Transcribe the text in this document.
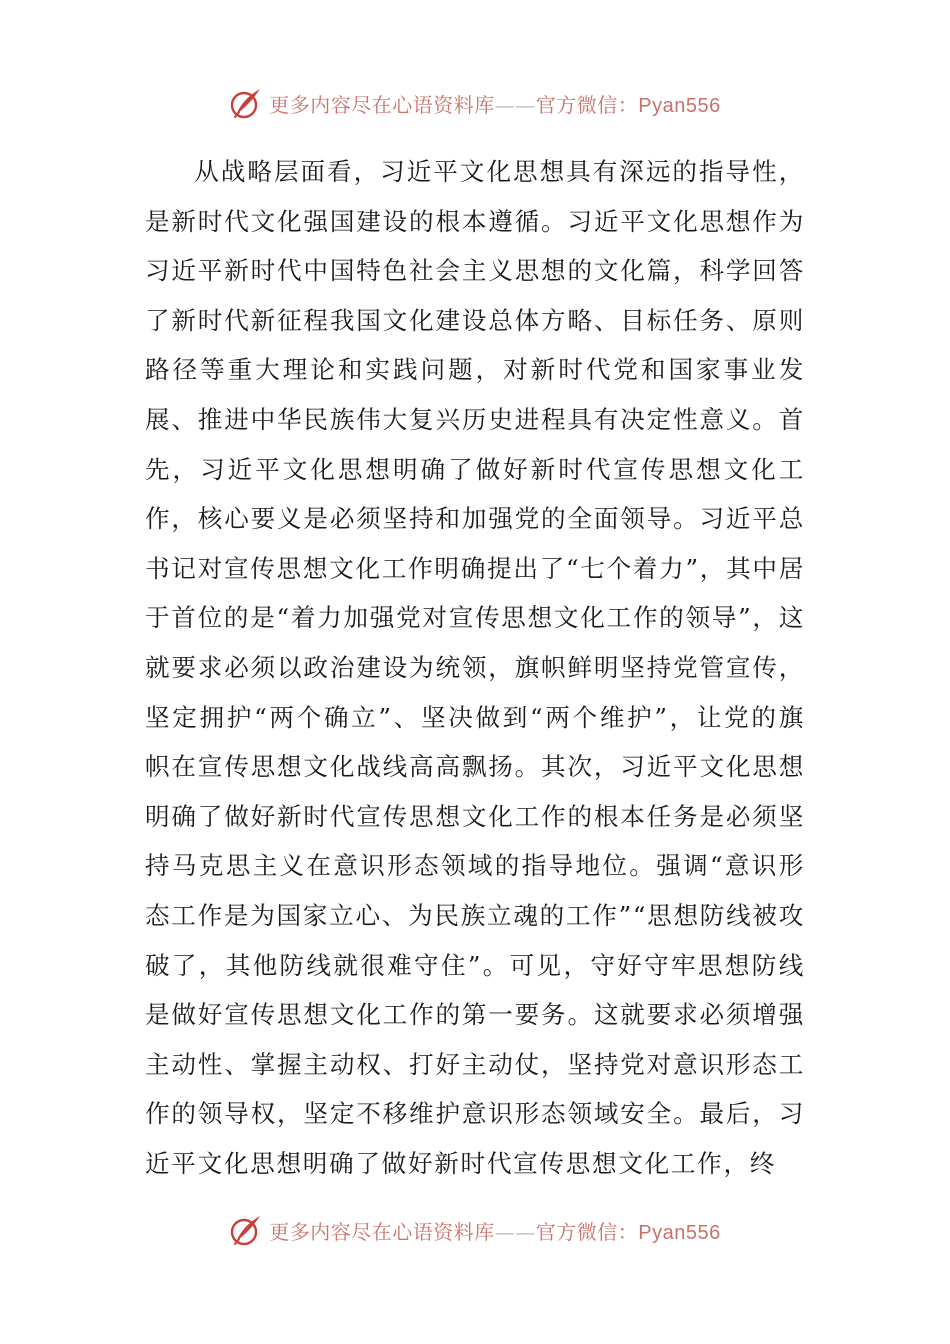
更多内容尽在心语资料库——官方微信：Pyan556

从战略层面看，习近平文化思想具有深远的指导性，是新时代文化强国建设的根本遵循。习近平文化思想作为习近平新时代中国特色社会主义思想的文化篇，科学回答了新时代新征程我国文化建设总体方略、目标任务、原则路径等重大理论和实践问题，对新时代党和国家事业发展、推进中华民族伟大复兴历史进程具有决定性意义。首先，习近平文化思想明确了做好新时代宣传思想文化工作，核心要义是必须坚持和加强党的全面领导。习近平总书记对宣传思想文化工作明确提出了“七个着力”，其中居于首位的是“着力加强党对宣传思想文化工作的领导”，这就要求必须以政治建设为统领，旗帜鲜明坚持党管宣传，坚定拥护“两个确立”、坚决做到“两个维护”，让党的旗帜在宣传思想文化战线高高飘扬。其次，习近平文化思想明确了做好新时代宣传思想文化工作的根本任务是必须坚持马克思主义在意识形态领域的指导地位。强调“意识形态工作是为国家立心、为民族立魂的工作”“思想防线被攻破了，其他防线就很难守住”。可见，守好守牢思想防线是做好宣传思想文化工作的第一要务。这就要求必须增强主动性、掌握主动权、打好主动仗，坚持党对意识形态工作的领导权，坚定不移维护意识形态领域安全。最后，习近平文化思想明确了做好新时代宣传思想文化工作，终

更多内容尽在心语资料库——官方微信：Pyan556
